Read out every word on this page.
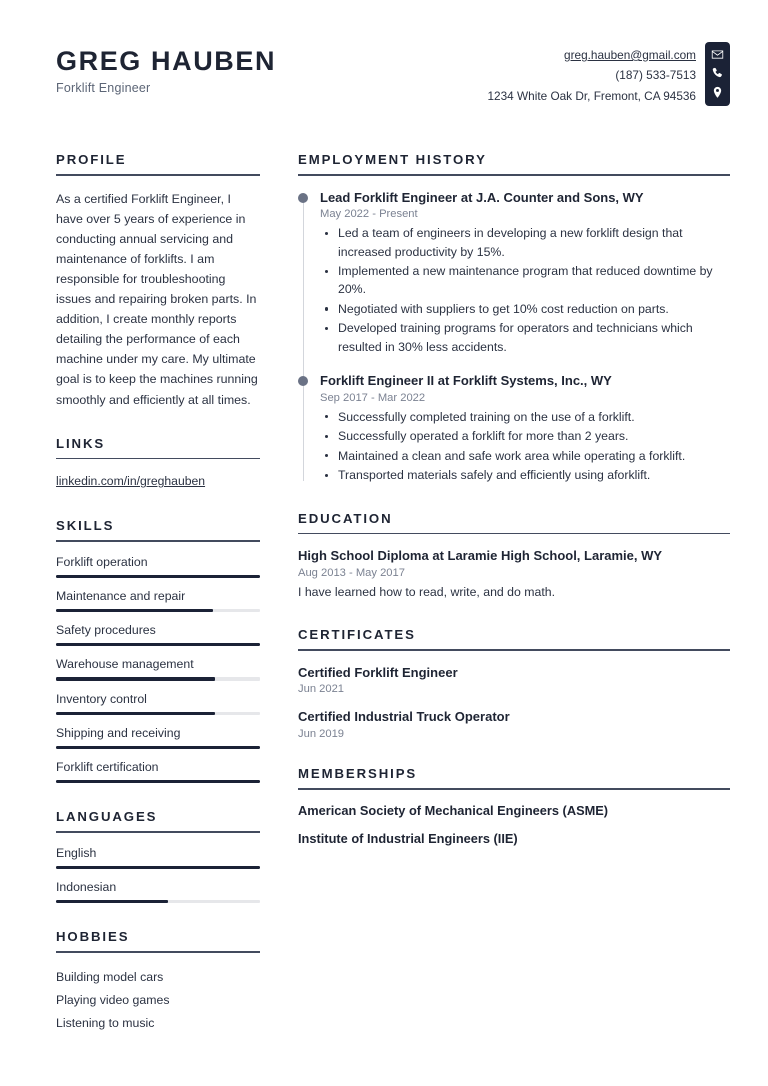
GREG HAUBEN
Forklift Engineer
greg.hauben@gmail.com
(187) 533-7513
1234 White Oak Dr, Fremont, CA 94536
PROFILE
As a certified Forklift Engineer, I have over 5 years of experience in conducting annual servicing and maintenance of forklifts. I am responsible for troubleshooting issues and repairing broken parts. In addition, I create monthly reports detailing the performance of each machine under my care. My ultimate goal is to keep the machines running smoothly and efficiently at all times.
LINKS
linkedin.com/in/greghauben
SKILLS
Forklift operation
Maintenance and repair
Safety procedures
Warehouse management
Inventory control
Shipping and receiving
Forklift certification
LANGUAGES
English
Indonesian
HOBBIES
Building model cars
Playing video games
Listening to music
EMPLOYMENT HISTORY
Lead Forklift Engineer at J.A. Counter and Sons, WY
May 2022 - Present
Led a team of engineers in developing a new forklift design that increased productivity by 15%.
Implemented a new maintenance program that reduced downtime by 20%.
Negotiated with suppliers to get 10% cost reduction on parts.
Developed training programs for operators and technicians which resulted in 30% less accidents.
Forklift Engineer II at Forklift Systems, Inc., WY
Sep 2017 - Mar 2022
Successfully completed training on the use of a forklift.
Successfully operated a forklift for more than 2 years.
Maintained a clean and safe work area while operating a forklift.
Transported materials safely and efficiently using aforklift.
EDUCATION
High School Diploma at Laramie High School, Laramie, WY
Aug 2013 - May 2017
I have learned how to read, write, and do math.
CERTIFICATES
Certified Forklift Engineer
Jun 2021
Certified Industrial Truck Operator
Jun 2019
MEMBERSHIPS
American Society of Mechanical Engineers (ASME)
Institute of Industrial Engineers (IIE)
